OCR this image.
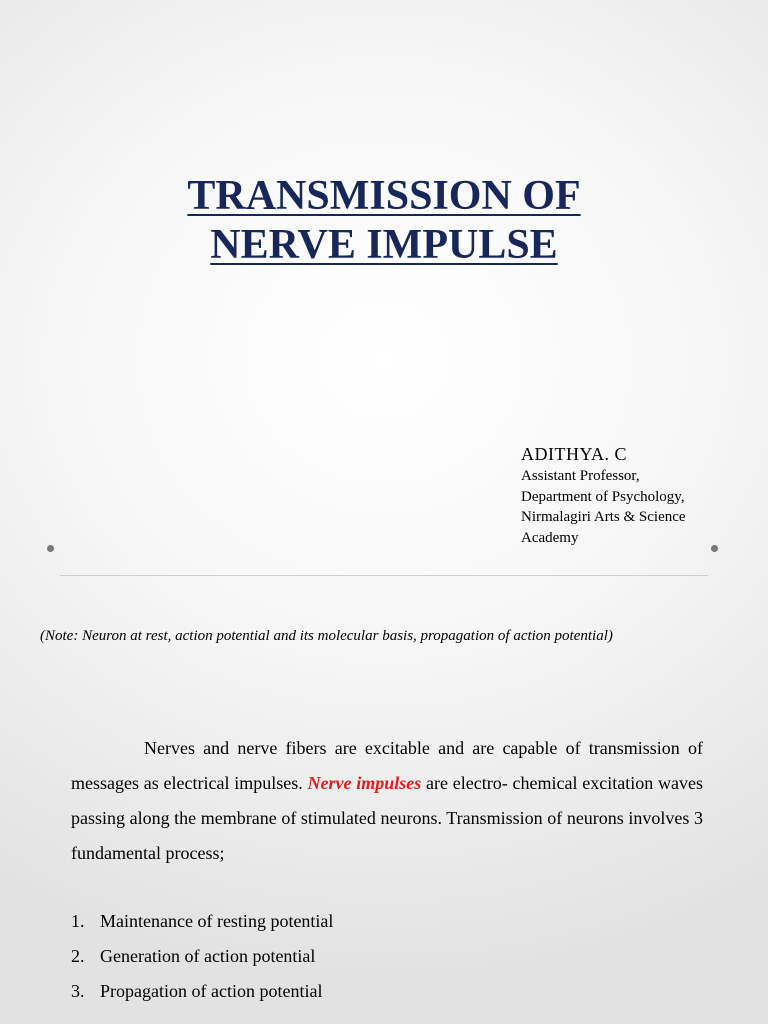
TRANSMISSION OF
NERVE IMPULSE
ADITHYA. C
Assistant Professor,
Department of Psychology,
Nirmalagiri Arts & Science
Academy
(Note: Neuron at rest, action potential and its molecular basis, propagation of action potential)

Nerves and nerve fibers are excitable and are capable of transmission of messages as electrical impulses. Nerve impulses are electro- chemical excitation waves passing along the membrane of stimulated neurons. Transmission of neurons involves 3 fundamental process;

1. Maintenance of resting potential
2. Generation of action potential
3. Propagation of action potential
